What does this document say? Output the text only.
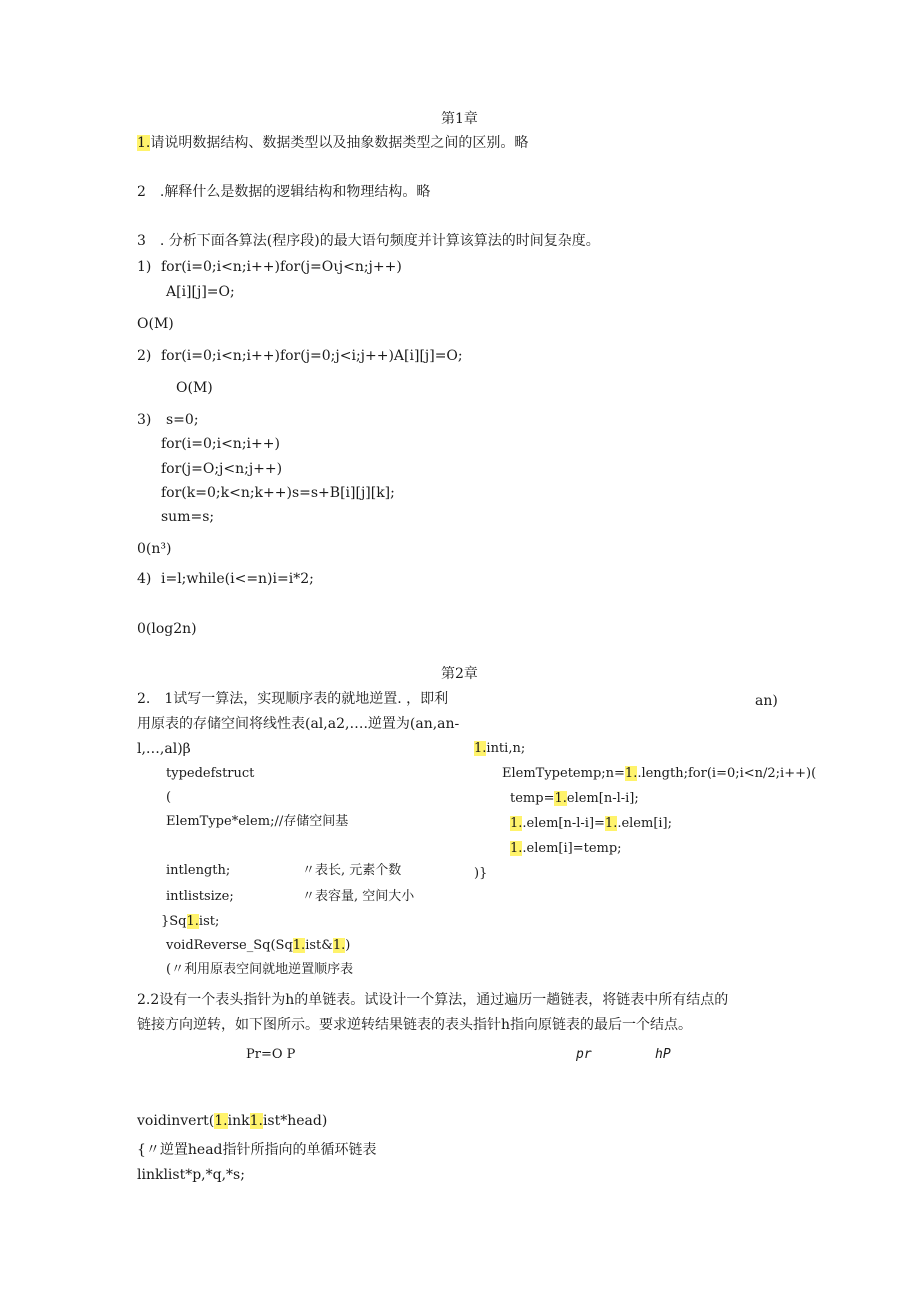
第1章
1.请说明数据结构、数据类型以及抽象数据类型之间的区别。略
2　.解释什么是数据的逻辑结构和物理结构。略
3　. 分析下面各算法(程序段)的最大语句频度并计算该算法的时间复杂度。
1) for(i=0;i<n;i++)for(j=Oιj<n;j++)
A[i][j]=O;
O(M)
2) for(i=0;i<n;i++)for(j=0;j<i;j++)A[i][j]=O;
O(M)
3) s=0;
for(i=0;i<n;i++)
for(j=O;j<n;j++)
for(k=0;k<n;k++)s=s+B[i][j][k];
sum=s;
0(n³)
4) i=l;while(i<=n)i=i*2;
0(log2n)
第2章
2.　1试写一算法，实现顺序表的就地逆置. ，即利	an)
用原表的存储空间将线性表(al,a2,….逆置为(an,an-
l,…,al)β
typedefstruct
(
ElemType*elem;//存储空间基
intlength;	〃表长, 元素个数
intlistsize;	〃表容量, 空间大小
}Sq1.ist;
voidReverse_Sq(Sq1.ist&1.)
(〃利用原表空间就地逆置顺序表
1.inti,n;
ElemTypetemp;n=1..length;for(i=0;i<n/2;i++)(
temp=1.elem[n-l-i];
1..elem[n-l-i]=1..elem[i];
1..elem[i]=temp;
)}
2.2设有一个表头指针为h的单链表。试设计一个算法，通过遍历一趟链表，将链表中所有结点的
链接方向逆转，如下图所示。要求逆转结果链表的表头指针h指向原链表的最后一个结点。
Pr=O P	pr	hP
voidinvert(1.ink1.ist*head)
{〃逆置head指针所指向的单循环链表
linklist*p,*q,*s;
